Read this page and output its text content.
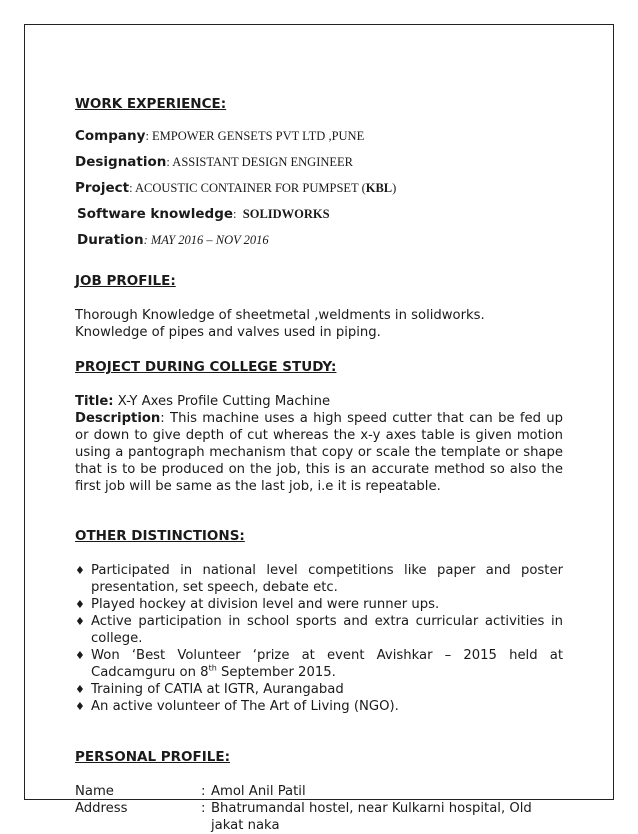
WORK EXPERIENCE:
Company: EMPOWER GENSETS PVT LTD ,PUNE
Designation: ASSISTANT DESIGN ENGINEER
Project: ACOUSTIC CONTAINER FOR PUMPSET (KBL)
Software knowledge:  SOLIDWORKS
Duration: MAY 2016 – NOV 2016
JOB PROFILE:

Thorough Knowledge of sheetmetal ,weldments in solidworks.

Knowledge of pipes and valves used in piping.

PROJECT DURING COLLEGE STUDY:

Title: X-Y Axes Profile Cutting Machine

Description: This machine uses a high speed cutter that can be fed up or down to give depth of cut whereas the x-y axes table is given motion using a pantograph mechanism that copy or scale the template or shape that is to be produced on the job, this is an accurate method so also the first job will be same as the last job, i.e it is repeatable.

OTHER DISTINCTIONS:
♦ Participated in national level competitions like paper and poster presentation, set speech, debate etc.
♦ Played hockey at division level and were runner ups.
♦ Active participation in school sports and extra curricular activities in college.
♦ Won ‘Best Volunteer ‘prize at event Avishkar – 2015 held at Cadcamguru on 8th September 2015.
♦ Training of CATIA at IGTR, Aurangabad
♦ An active volunteer of The Art of Living (NGO).
PERSONAL PROFILE:
Name	: Amol Anil Patil
Address	: Bhatrumandal hostel, near Kulkarni hospital, Old jakat naka
